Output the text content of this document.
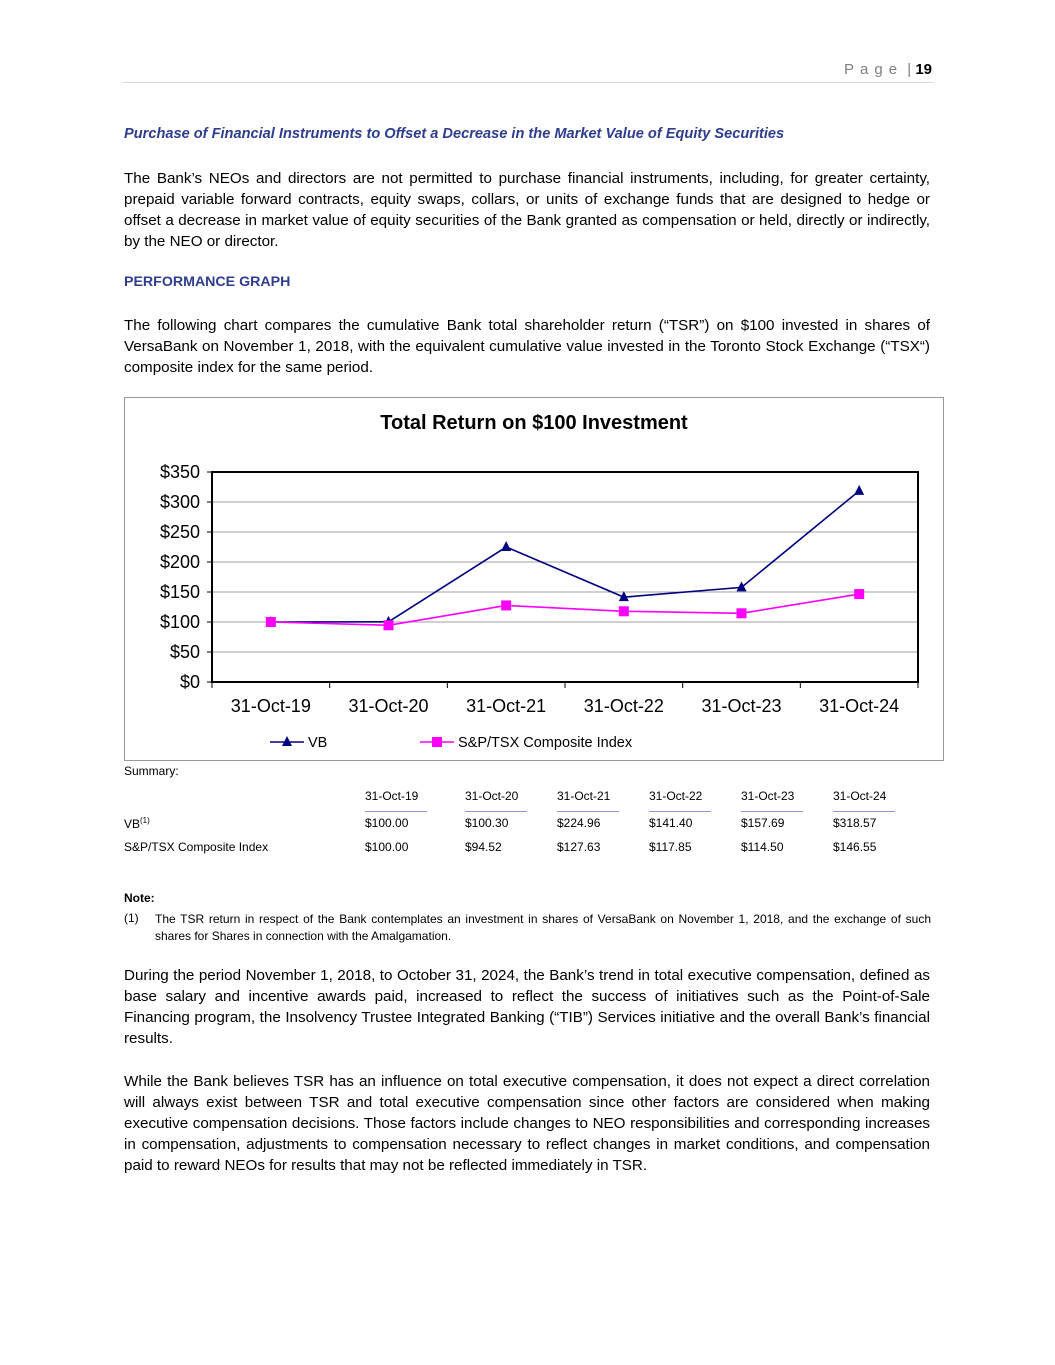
Page | 19
Purchase of Financial Instruments to Offset a Decrease in the Market Value of Equity Securities
The Bank’s NEOs and directors are not permitted to purchase financial instruments, including, for greater certainty, prepaid variable forward contracts, equity swaps, collars, or units of exchange funds that are designed to hedge or offset a decrease in market value of equity securities of the Bank granted as compensation or held, directly or indirectly, by the NEO or director.
PERFORMANCE GRAPH
The following chart compares the cumulative Bank total shareholder return (“TSR”) on $100 invested in shares of VersaBank on November 1, 2018, with the equivalent cumulative value invested in the Toronto Stock Exchange (“TSX“) composite index for the same period.
Total Return on $100 Investment
$0
$50
$100
$150
$200
$250
$300
$350
31-Oct-19 31-Oct-20 31-Oct-21 31-Oct-22 31-Oct-23 31-Oct-24
VB	S&P/TSX Composite Index
Summary:
31-Oct-19	31-Oct-20	31-Oct-21	31-Oct-22	31-Oct-23	31-Oct-24
VB$^{(1)}$	$100.00	$100.30	$224.96	$141.40	$157.69	$318.57
S&P/TSX Composite Index	$100.00	$94.52	$127.63	$117.85	$114.50	$146.55
Note:
(1) The TSR return in respect of the Bank contemplates an investment in shares of VersaBank on November 1, 2018, and the exchange of such shares for Shares in connection with the Amalgamation.
During the period November 1, 2018, to October 31, 2024, the Bank’s trend in total executive compensation, defined as base salary and incentive awards paid, increased to reflect the success of initiatives such as the Point-of-Sale Financing program, the Insolvency Trustee Integrated Banking (“TIB”) Services initiative and the overall Bank’s financial results.
While the Bank believes TSR has an influence on total executive compensation, it does not expect a direct correlation will always exist between TSR and total executive compensation since other factors are considered when making executive compensation decisions. Those factors include changes to NEO responsibilities and corresponding increases in compensation, adjustments to compensation necessary to reflect changes in market conditions, and compensation paid to reward NEOs for results that may not be reflected immediately in TSR.
